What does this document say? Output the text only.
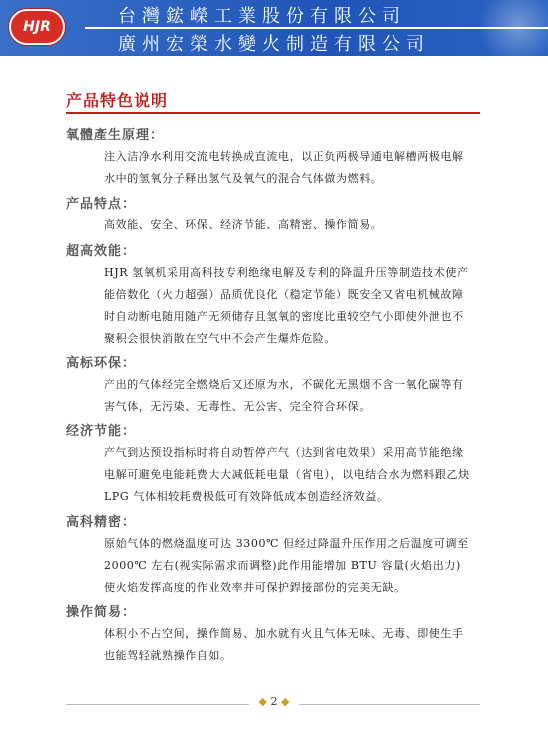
HJR	台灣鋐嶸工業股份有限公司
廣州宏榮水變火制造有限公司
产品特色说明
氧體產生原理：

注入洁净水利用交流电转换成直流电，以正负两极导通电解槽两极电解水中的氢氧分子释出氢气及氧气的混合气体做为燃料。

产品特点：

高效能、安全、环保、经济节能、高精密、操作简易。

超高效能：

HJR 氢氧机采用高科技专利绝缘电解及专利的降温升压等制造技术使产能倍数化（火力超强）品质优良化（稳定节能）既安全又省电机械故障时自动断电随用随产无须储存且氢氧的密度比重较空气小即使外泄也不聚积会很快消散在空气中不会产生爆炸危险。

高标环保：

产出的气体经完全燃烧后又还原为水，不碳化无黑烟不含一氧化碳等有害气体，无污染、无毒性、无公害、完全符合环保。

经济节能：

产气到达预设指标时将自动暂停产气（达到省电效果）采用高节能绝缘电解可避免电能耗费大大减低耗电量（省电），以电结合水为燃料跟乙炔 LPG 气体相较耗费极低可有效降低成本创造经济效益。

高科精密：

原始气体的燃烧温度可达 3300℃ 但经过降温升压作用之后温度可调至 2000℃ 左右(视实际需求而调整)此作用能增加 BTU 容量(火焰出力)使火焰发挥高度的作业效率并可保护銲接部份的完美无缺。

操作简易：

体积小不占空间，操作简易、加水就有火且气体无味、无毒、即使生手也能驾轻就熟操作自如。

◆ 2 ◆
